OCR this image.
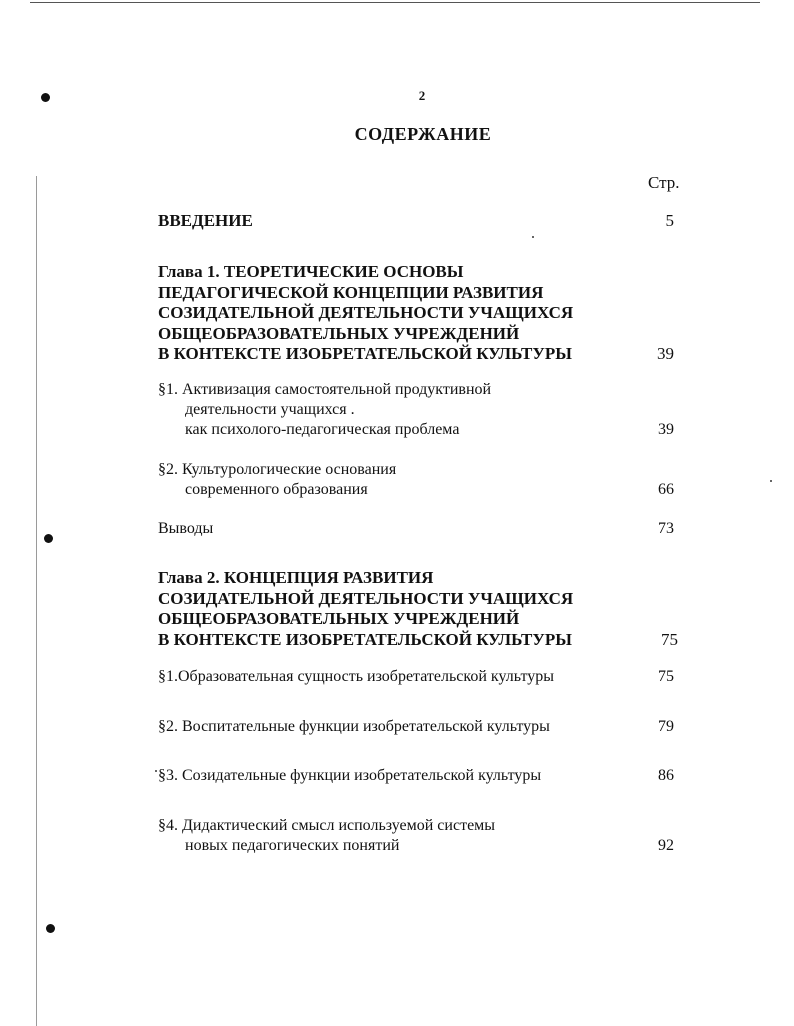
2
СОДЕРЖАНИЕ
Стр.
ВВЕДЕНИЕ	5
Глава 1. ТЕОРЕТИЧЕСКИЕ ОСНОВЫ
ПЕДАГОГИЧЕСКОЙ КОНЦЕПЦИИ РАЗВИТИЯ
СОЗИДАТЕЛЬНОЙ ДЕЯТЕЛЬНОСТИ УЧАЩИХСЯ
ОБЩЕОБРАЗОВАТЕЛЬНЫХ УЧРЕЖДЕНИЙ
В КОНТЕКСТЕ ИЗОБРЕТАТЕЛЬСКОЙ КУЛЬТУРЫ	39
§1. Активизация самостоятельной продуктивной
деятельности учащихся .
как психолого-педагогическая проблема	39
§2. Культурологические основания
современного образования	66
Выводы	73
Глава 2. КОНЦЕПЦИЯ РАЗВИТИЯ
СОЗИДАТЕЛЬНОЙ ДЕЯТЕЛЬНОСТИ УЧАЩИХСЯ
ОБЩЕОБРАЗОВАТЕЛЬНЫХ УЧРЕЖДЕНИЙ
В КОНТЕКСТЕ ИЗОБРЕТАТЕЛЬСКОЙ КУЛЬТУРЫ	75
§1.Образовательная сущность изобретательской культуры	75
§2. Воспитательные функции изобретательской культуры	79
§3. Созидательные функции изобретательской культуры	86
§4. Дидактический смысл используемой системы
новых педагогических понятий	92
